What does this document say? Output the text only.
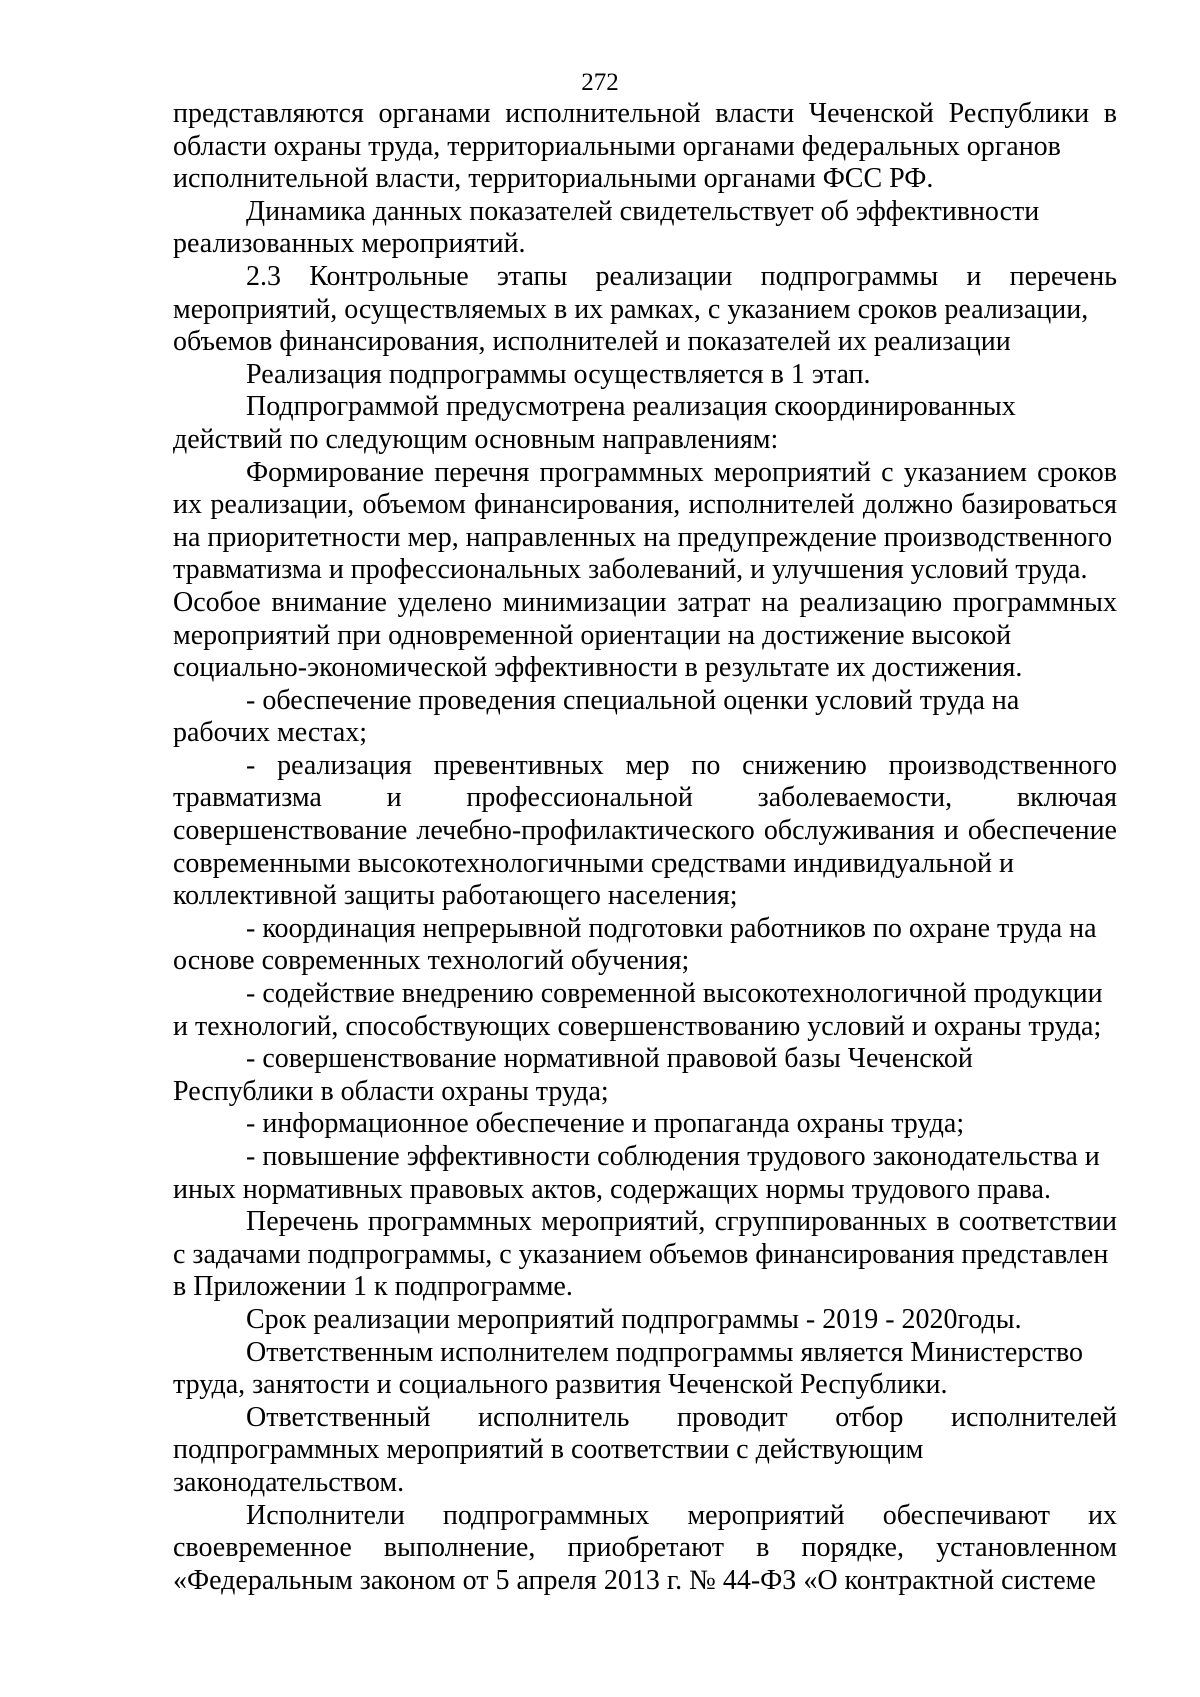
272

представляются органами исполнительной власти Чеченской Республики в области охраны труда, территориальными органами федеральных органов
исполнительной власти, территориальными органами ФСС РФ.

Динамика данных показателей свидетельствует об эффективности
реализованных мероприятий.

2.3 Контрольные этапы реализации подпрограммы и перечень мероприятий, осуществляемых в их рамках, с указанием сроков реализации,
объемов финансирования, исполнителей и показателей их реализации

Реализация подпрограммы осуществляется в 1 этап.

Подпрограммой предусмотрена реализация скоординированных
действий по следующим основным направлениям:

Формирование перечня программных мероприятий с указанием сроков их реализации, объемом финансирования, исполнителей должно базироваться на приоритетности мер, направленных на предупреждение производственного
травматизма и профессиональных заболеваний, и улучшения условий труда.
Особое внимание уделено минимизации затрат на реализацию программных мероприятий при одновременной ориентации на достижение высокой
социально-экономической эффективности в результате их достижения.

- обеспечение проведения специальной оценки условий труда на
рабочих местах;

- реализация превентивных мер по снижению производственного травматизма и профессиональной заболеваемости, включая совершенствование лечебно-профилактического обслуживания и обеспечение современными высокотехнологичными средствами индивидуальной и
коллективной защиты работающего населения;

- координация непрерывной подготовки работников по охране труда на
основе современных технологий обучения;

- содействие внедрению современной высокотехнологичной продукции
и технологий, способствующих совершенствованию условий и охраны труда;

- совершенствование нормативной правовой базы Чеченской
Республики в области охраны труда;

- информационное обеспечение и пропаганда охраны труда;

- повышение эффективности соблюдения трудового законодательства и
иных нормативных правовых актов, содержащих нормы трудового права.

Перечень программных мероприятий, сгруппированных в соответствии с задачами подпрограммы, с указанием объемов финансирования представлен
в Приложении 1 к подпрограмме.

Срок реализации мероприятий подпрограммы - 2019 - 2020годы.

Ответственным исполнителем подпрограммы является Министерство
труда, занятости и социального развития Чеченской Республики.

Ответственный исполнитель проводит отбор исполнителей подпрограммных мероприятий в соответствии с действующим
законодательством.

Исполнители подпрограммных мероприятий обеспечивают их своевременное выполнение, приобретают в порядке, установленном «Федеральным законом от 5 апреля 2013 г. № 44-ФЗ «О контрактной системе
